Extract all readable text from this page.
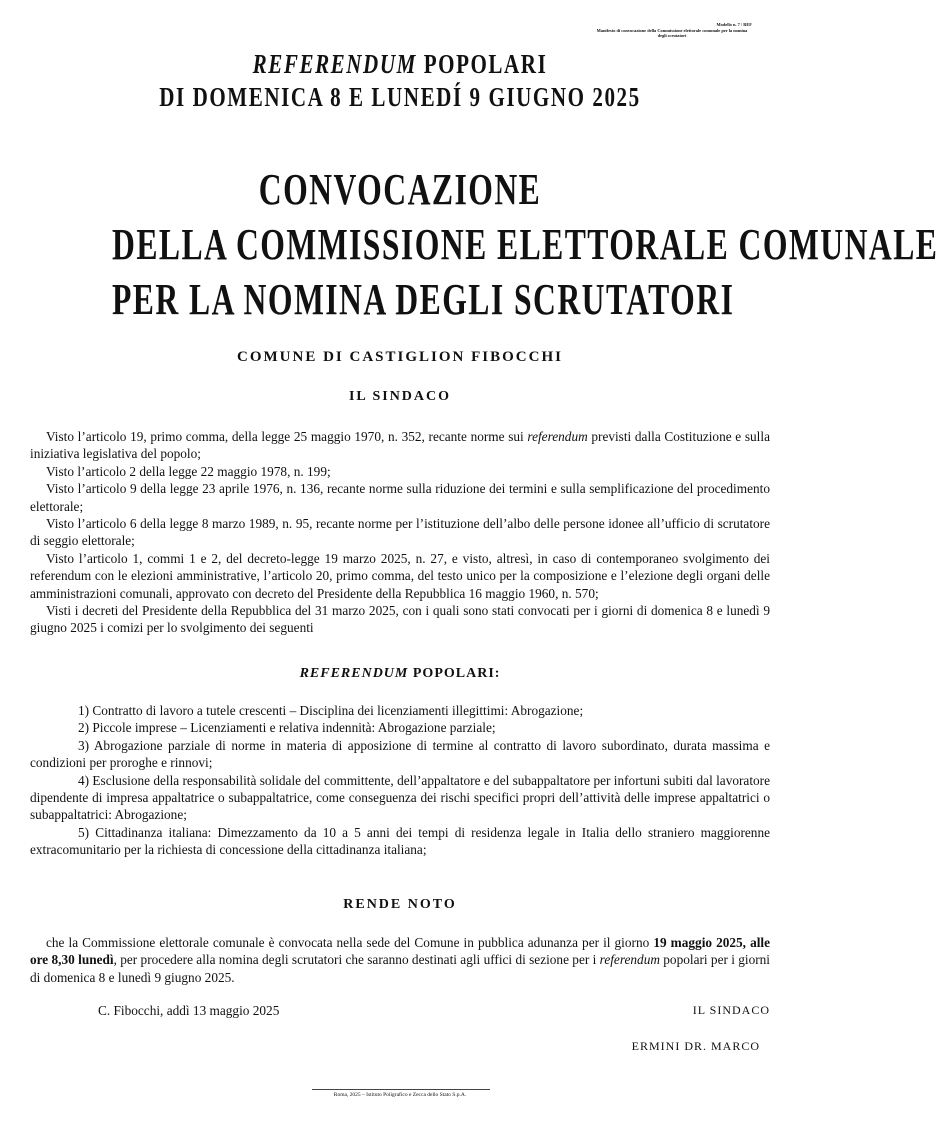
Modello n. 7 / REF
Manifesto di convocazione della Commissione elettorale comunale per la nomina degli scrutatori
REFERENDUM POPOLARI
DI DOMENICA 8 E LUNEDÍ 9 GIUGNO 2025
CONVOCAZIONE
DELLA COMMISSIONE ELETTORALE COMUNALE
PER LA NOMINA DEGLI SCRUTATORI
COMUNE DI CASTIGLION FIBOCCHI
IL SINDACO

Visto l’articolo 19, primo comma, della legge 25 maggio 1970, n. 352, recante norme sui referendum previsti dalla Costituzione e sulla iniziativa legislativa del popolo;

Visto l’articolo 2 della legge 22 maggio 1978, n. 199;

Visto l’articolo 9 della legge 23 aprile 1976, n. 136, recante norme sulla riduzione dei termini e sulla semplificazione del procedimento elettorale;

Visto l’articolo 6 della legge 8 marzo 1989, n. 95, recante norme per l’istituzione dell’albo delle persone idonee all’ufficio di scrutatore di seggio elettorale;

Visto l’articolo 1, commi 1 e 2, del decreto-legge 19 marzo 2025, n. 27, e visto, altresì, in caso di contemporaneo svolgimento dei referendum con le elezioni amministrative, l’articolo 20, primo comma, del testo unico per la composizione e l’elezione degli organi delle amministrazioni comunali, approvato con decreto del Presidente della Repubblica 16 maggio 1960, n. 570;

Visti i decreti del Presidente della Repubblica del 31 marzo 2025, con i quali sono stati convocati per i giorni di domenica 8 e lunedì 9 giugno 2025 i comizi per lo svolgimento dei seguenti

REFERENDUM POPOLARI:

1) Contratto di lavoro a tutele crescenti – Disciplina dei licenziamenti illegittimi: Abrogazione;

2) Piccole imprese – Licenziamenti e relativa indennità: Abrogazione parziale;

3) Abrogazione parziale di norme in materia di apposizione di termine al contratto di lavoro subordinato, durata massima e condizioni per proroghe e rinnovi;

4) Esclusione della responsabilità solidale del committente, dell’appaltatore e del subappaltatore per infortuni subiti dal lavoratore dipendente di impresa appaltatrice o subappaltatrice, come conseguenza dei rischi specifici propri dell’attività delle imprese appaltatrici o subappaltatrici: Abrogazione;

5) Cittadinanza italiana: Dimezzamento da 10 a 5 anni dei tempi di residenza legale in Italia dello straniero maggiorenne extracomunitario per la richiesta di concessione della cittadinanza italiana;

RENDE NOTO

che la Commissione elettorale comunale è convocata nella sede del Comune in pubblica adunanza per il giorno 19 maggio 2025, alle ore 8,30 lunedì, per procedere alla nomina degli scrutatori che saranno destinati agli uffici di sezione per i referendum popolari per i giorni di domenica 8 e lunedì 9 giugno 2025.

C. Fibocchi, addì 13 maggio 2025	IL SINDACO
ERMINI DR. MARCO
Roma, 2025 – Istituto Poligrafico e Zecca dello Stato S.p.A.
